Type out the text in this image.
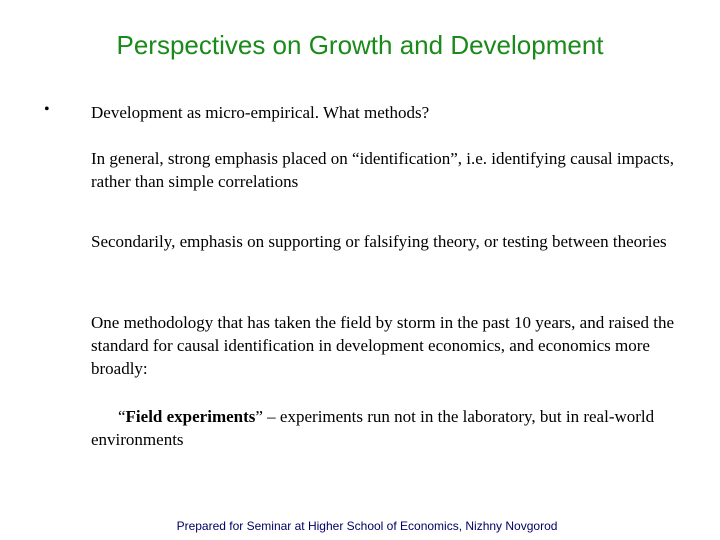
Perspectives on Growth and Development
• Development as micro-empirical. What methods?

In general, strong emphasis placed on “identification”, i.e. identifying causal impacts, rather than simple correlations

Secondarily, emphasis on supporting or falsifying theory, or testing between theories

One methodology that has taken the field by storm in the past 10 years, and raised the standard for causal identification in development economics, and economics more broadly:

“Field experiments” – experiments run not in the laboratory, but in real-world environments

Prepared for Seminar at Higher School of Economics, Nizhny Novgorod
